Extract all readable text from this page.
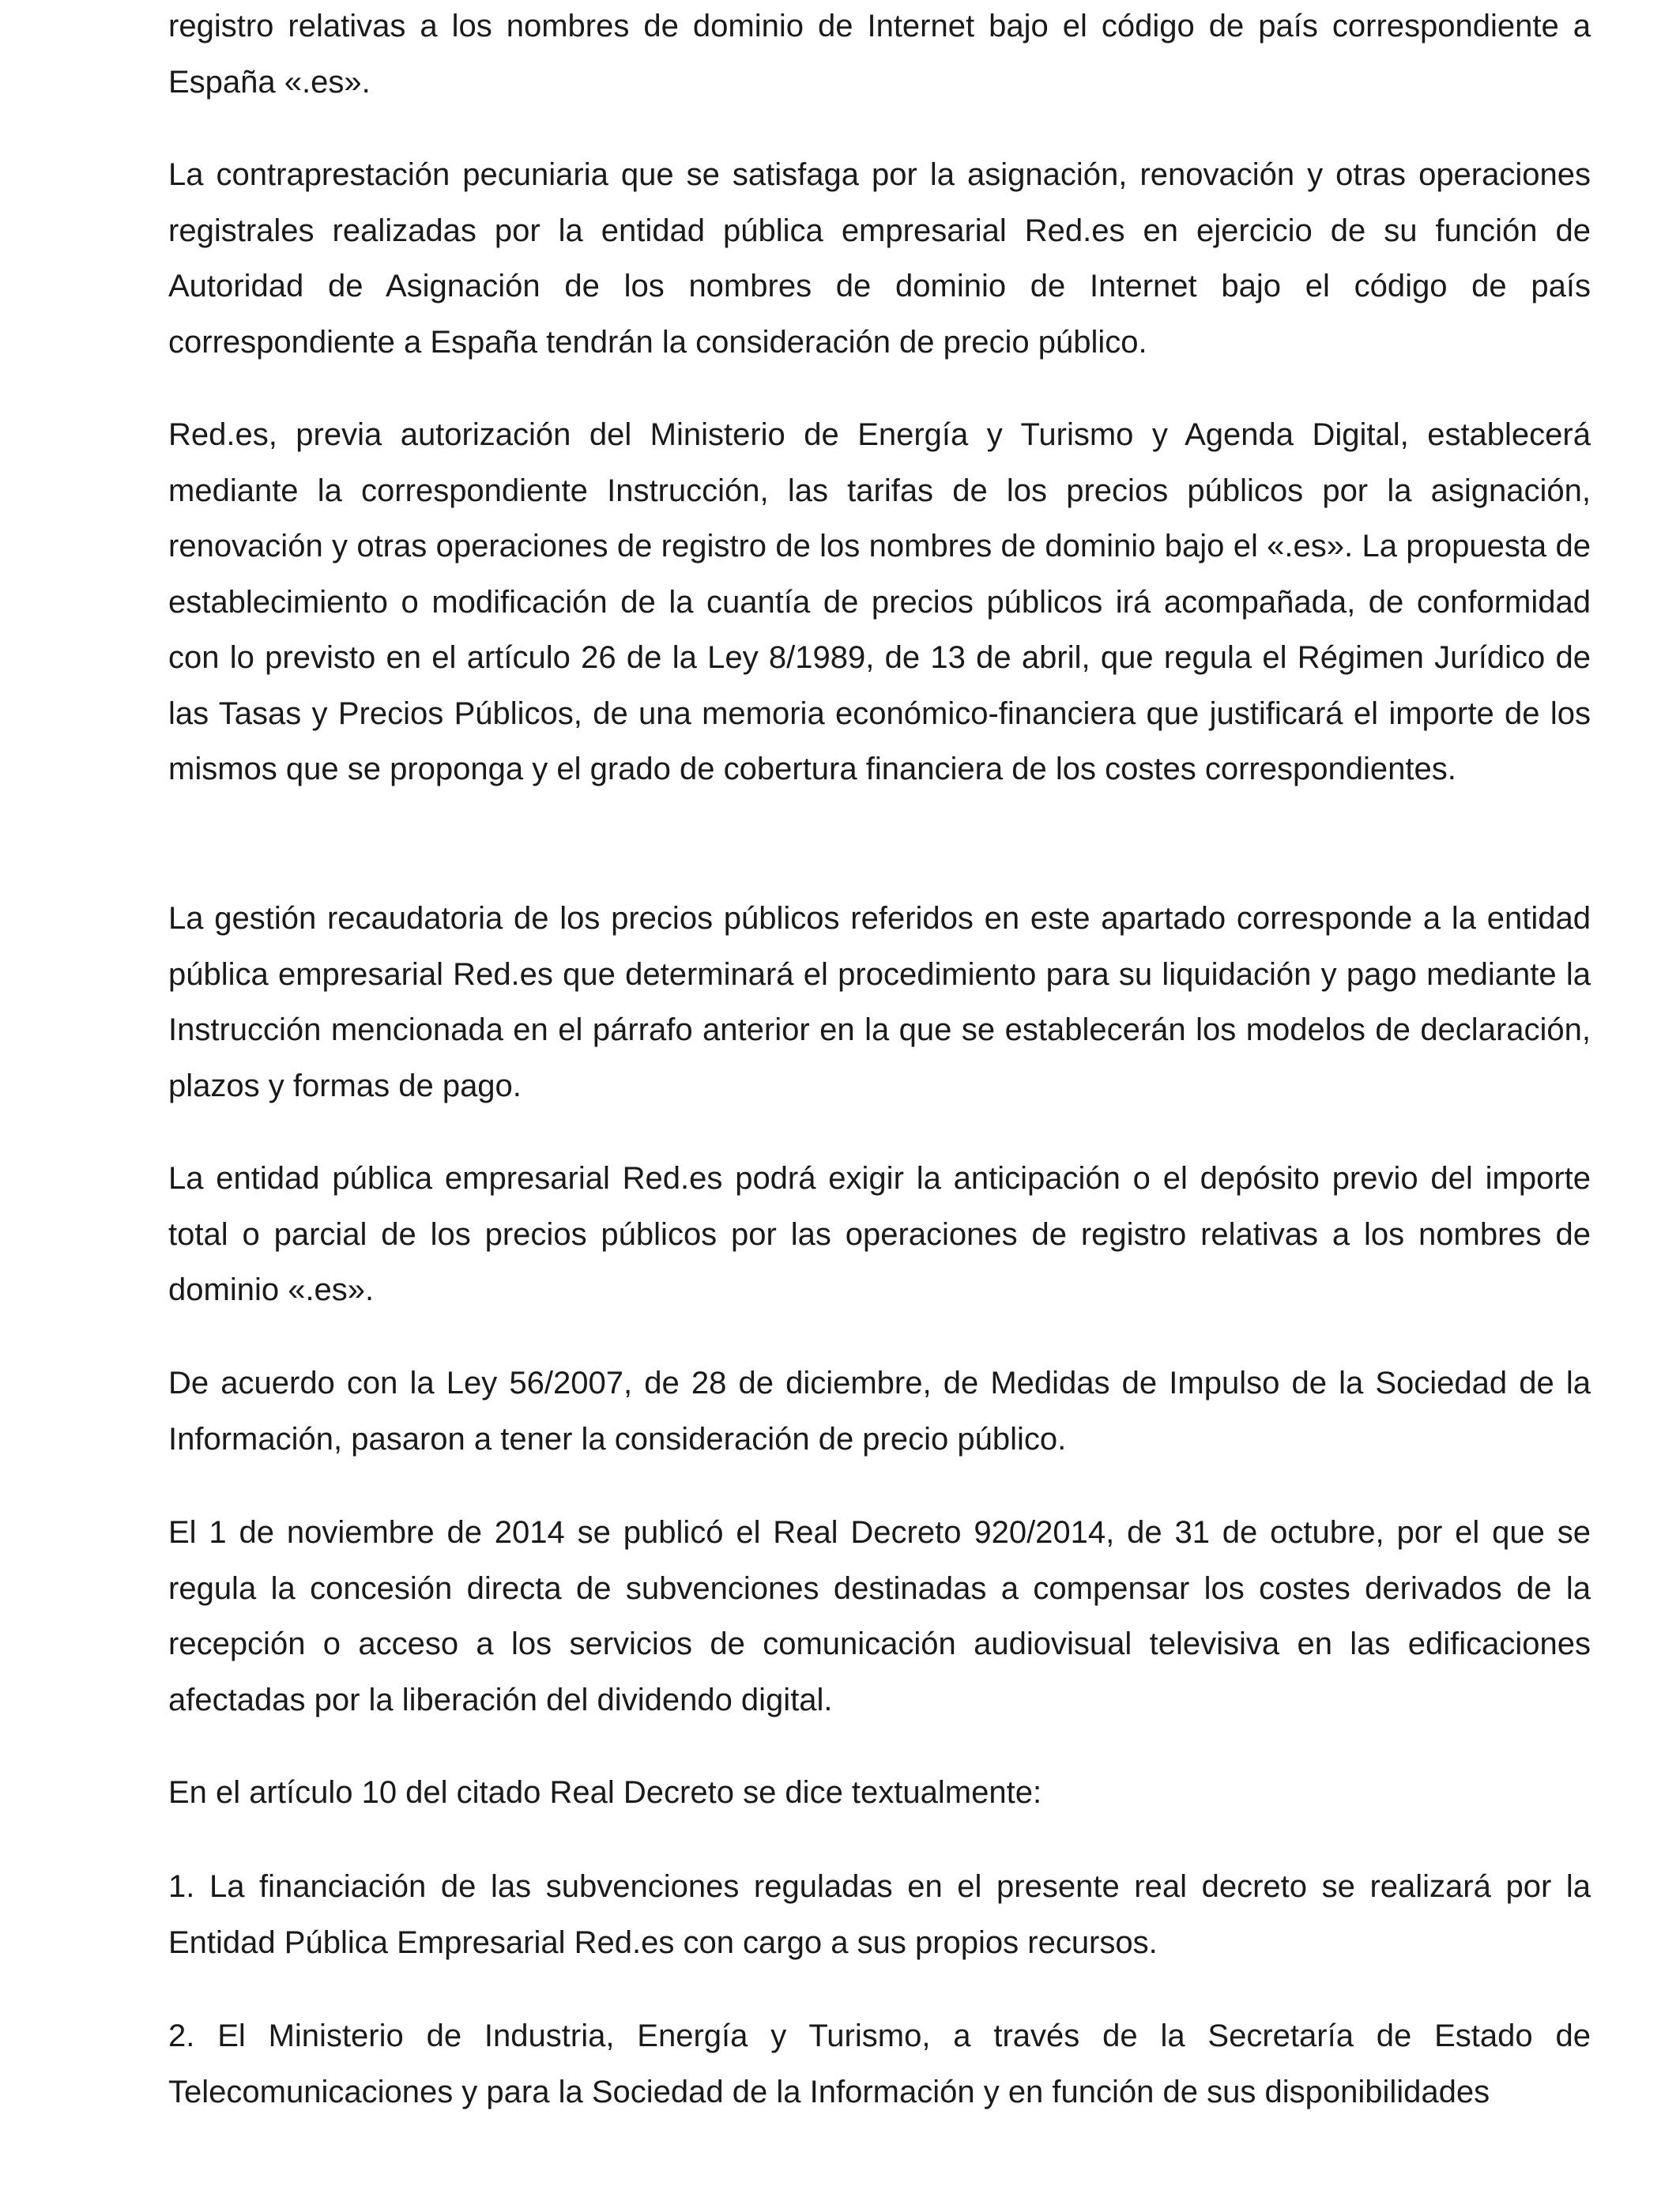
registro relativas a los nombres de dominio de Internet bajo el código de país correspondiente a España «.es».

La contraprestación pecuniaria que se satisfaga por la asignación, renovación y otras operaciones registrales realizadas por la entidad pública empresarial Red.es en ejercicio de su función de Autoridad de Asignación de los nombres de dominio de Internet bajo el código de país correspondiente a España tendrán la consideración de precio público.

Red.es, previa autorización del Ministerio de Energía y Turismo y Agenda Digital, establecerá mediante la correspondiente Instrucción, las tarifas de los precios públicos por la asignación, renovación y otras operaciones de registro de los nombres de dominio bajo el «.es». La propuesta de establecimiento o modificación de la cuantía de precios públicos irá acompañada, de conformidad con lo previsto en el artículo 26 de la Ley 8/1989, de 13 de abril, que regula el Régimen Jurídico de las Tasas y Precios Públicos, de una memoria económico-financiera que justificará el importe de los mismos que se proponga y el grado de cobertura financiera de los costes correspondientes.

La gestión recaudatoria de los precios públicos referidos en este apartado corresponde a la entidad pública empresarial Red.es que determinará el procedimiento para su liquidación y pago mediante la Instrucción mencionada en el párrafo anterior en la que se establecerán los modelos de declaración, plazos y formas de pago.

La entidad pública empresarial Red.es podrá exigir la anticipación o el depósito previo del importe total o parcial de los precios públicos por las operaciones de registro relativas a los nombres de dominio «.es».

De acuerdo con la Ley 56/2007, de 28 de diciembre, de Medidas de Impulso de la Sociedad de la Información, pasaron a tener la consideración de precio público.

El 1 de noviembre de 2014 se publicó el Real Decreto 920/2014, de 31 de octubre, por el que se regula la concesión directa de subvenciones destinadas a compensar los costes derivados de la recepción o acceso a los servicios de comunicación audiovisual televisiva en las edificaciones afectadas por la liberación del dividendo digital.

En el artículo 10 del citado Real Decreto se dice textualmente:

1. La financiación de las subvenciones reguladas en el presente real decreto se realizará por la Entidad Pública Empresarial Red.es con cargo a sus propios recursos.

2. El Ministerio de Industria, Energía y Turismo, a través de la Secretaría de Estado de Telecomunicaciones y para la Sociedad de la Información y en función de sus disponibilidades
